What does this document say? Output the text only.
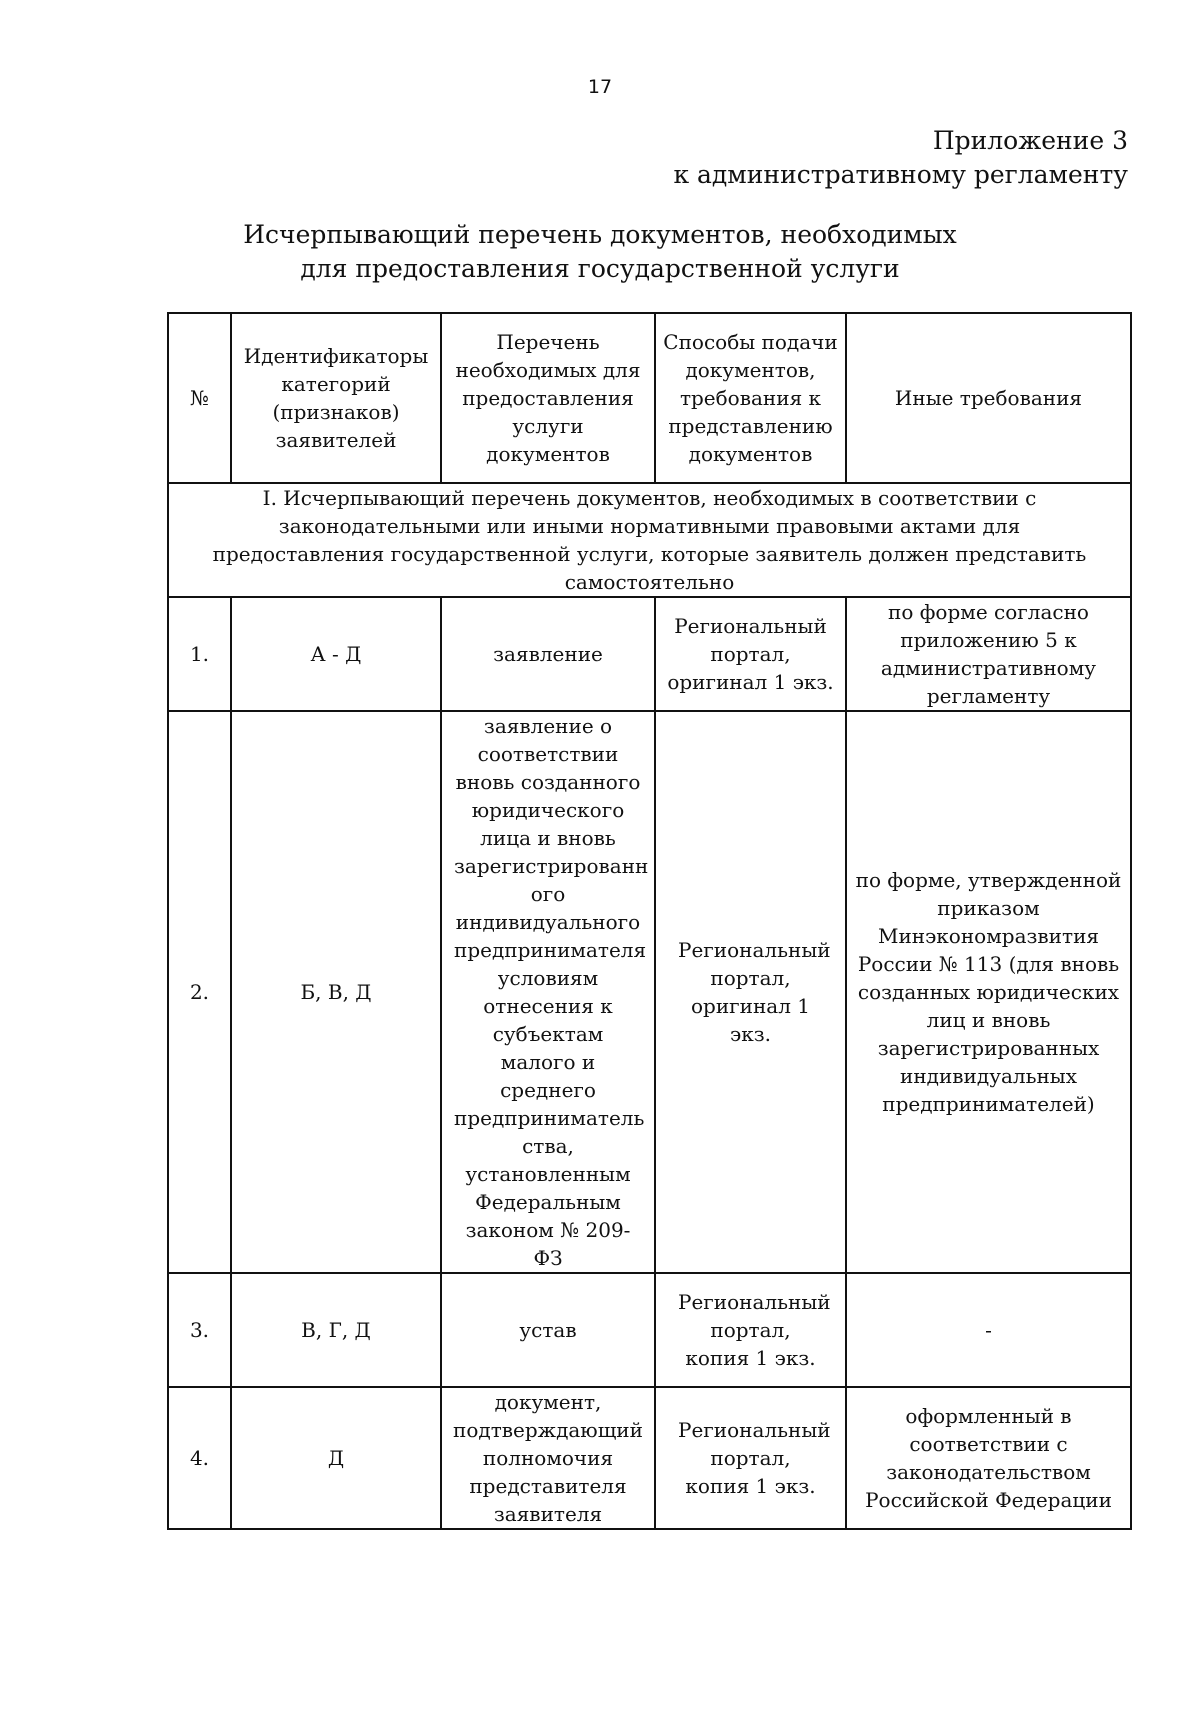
17
Приложение 3
к административному регламенту
Исчерпывающий перечень документов, необходимых
для предоставления государственной услуги
№	Идентификаторы категорий (признаков) заявителей	Перечень необходимых для предоставления услуги документов	Способы подачи документов, требования к представлению документов	Иные требования
I. Исчерпывающий перечень документов, необходимых в соответствии с законодательными или иными нормативными правовыми актами для предоставления государственной услуги, которые заявитель должен представить самостоятельно				
1.	А - Д	заявление	Региональный портал, оригинал 1 экз.	по форме согласно приложению 5 к административному регламенту
2.	Б, В, Д	заявление о соответствии вновь созданного юридического лица и вновь зарегистрированн ого индивидуального предпринимателя условиям отнесения к субъектам малого и среднего предприниматель ства, установленным Федеральным законом № 209-ФЗ	Региональный портал, оригинал 1 экз.	по форме, утвержденной приказом Минэкономразвития России № 113 (для вновь созданных юридических лиц и вновь зарегистрированных индивидуальных предпринимателей)
3.	В, Г, Д	устав	Региональный портал, копия 1 экз.	-
4.	Д	документ, подтверждающий полномочия представителя заявителя	Региональный портал, копия 1 экз.	оформленный в соответствии с законодательством Российской Федерации
